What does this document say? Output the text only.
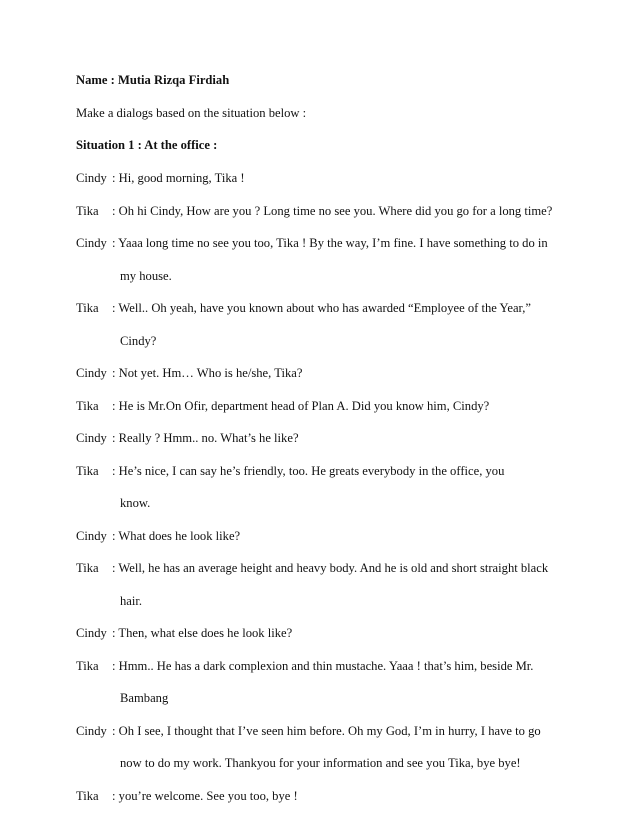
Name : Mutia Rizqa Firdiah
Make a dialogs based on the situation below :
Situation 1 : At the office :
Cindy : Hi, good morning, Tika !
Tika : Oh hi Cindy, How are you ? Long time no see you. Where did you go for a long time?
Cindy : Yaaa long time no see you too, Tika ! By the way, I’m fine. I have something to do in
my house.
Tika : Well.. Oh yeah, have you known about who has awarded “Employee of the Year,”
Cindy?
Cindy : Not yet. Hm… Who is he/she, Tika?
Tika : He is Mr.On Ofir, department head of Plan A. Did you know him, Cindy?
Cindy : Really ? Hmm.. no. What’s he like?
Tika : He’s nice, I can say he’s friendly, too. He greats everybody in the office, you
know.
Cindy : What does he look like?
Tika : Well, he has an average height and heavy body. And he is old and short straight black
hair.
Cindy : Then, what else does he look like?
Tika : Hmm.. He has a dark complexion and thin mustache. Yaaa ! that’s him, beside Mr.
Bambang
Cindy : Oh I see, I thought that I’ve seen him before. Oh my God, I’m in hurry, I have to go
now to do my work. Thankyou for your information and see you Tika, bye bye!
Tika : you’re welcome. See you too, bye !
